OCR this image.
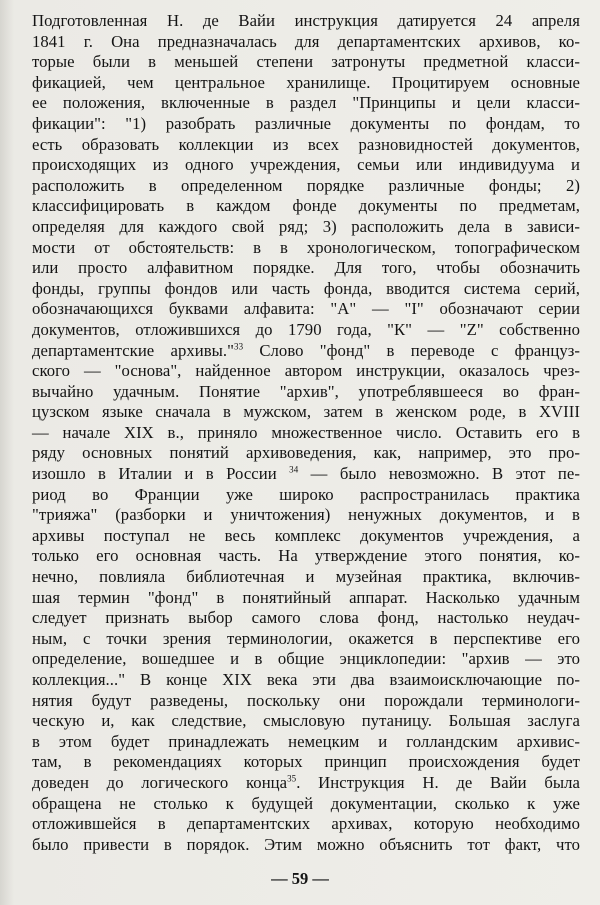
Подготовленная Н. де Вайи инструкция датируется 24 апреля
1841 г. Она предназначалась для департаментских архивов, ко-
торые были в меньшей степени затронуты предметной класси-
фикацией, чем центральное хранилище. Процитируем основные
ее положения, включенные в раздел "Принципы и цели класси-
фикации": "1) разобрать различные документы по фондам, то
есть образовать коллекции из всех разновидностей документов,
происходящих из одного учреждения, семьи или индивидуума и
расположить в определенном порядке различные фонды; 2)
классифицировать в каждом фонде документы по предметам,
определяя для каждого свой ряд; 3) расположить дела в зависи-
мости от обстоятельств: в в хронологическом, топографическом
или просто алфавитном порядке. Для того, чтобы обозначить
фонды, группы фондов или часть фонда, вводится система серий,
обозначающихся буквами алфавита: "А" — "I" обозначают серии
документов, отложившихся до 1790 года, "К" — "Z" собственно
департаментские архивы."$^{33}$ Слово "фонд" в переводе с француз-
ского — "основа", найденное автором инструкции, оказалось чрез-
вычайно удачным. Понятие "архив", употреблявшееся во фран-
цузском языке сначала в мужском, затем в женском роде, в XVIII
— начале XIX в., приняло множественное число. Оставить его в
ряду основных понятий архивоведения, как, например, это про-
изошло в Италии и в России $^{34}$ — было невозможно. В этот пе-
риод во Франции уже широко распространилась практика
"трияжа" (разборки и уничтожения) ненужных документов, и в
архивы поступал не весь комплекс документов учреждения, а
только его основная часть. На утверждение этого понятия, ко-
нечно, повлияла библиотечная и музейная практика, включив-
шая термин "фонд" в понятийный аппарат. Насколько удачным
следует признать выбор самого слова фонд, настолько неудач-
ным, с точки зрения терминологии, окажется в перспективе его
определение, вошедшее и в общие энциклопедии: "архив — это
коллекция..." В конце XIX века эти два взаимоисключающие по-
нятия будут разведены, поскольку они порождали терминологи-
ческую и, как следствие, смысловую путаницу. Большая заслуга
в этом будет принадлежать немецким и голландским архивис-
там, в рекомендациях которых принцип происхождения будет
доведен до логического конца$^{35}$. Инструкция Н. де Вайи была
обращена не столько к будущей документации, сколько к уже
отложившейся в департаментских архивах, которую необходимо
было привести в порядок. Этим можно объяснить тот факт, что
— 59 —
